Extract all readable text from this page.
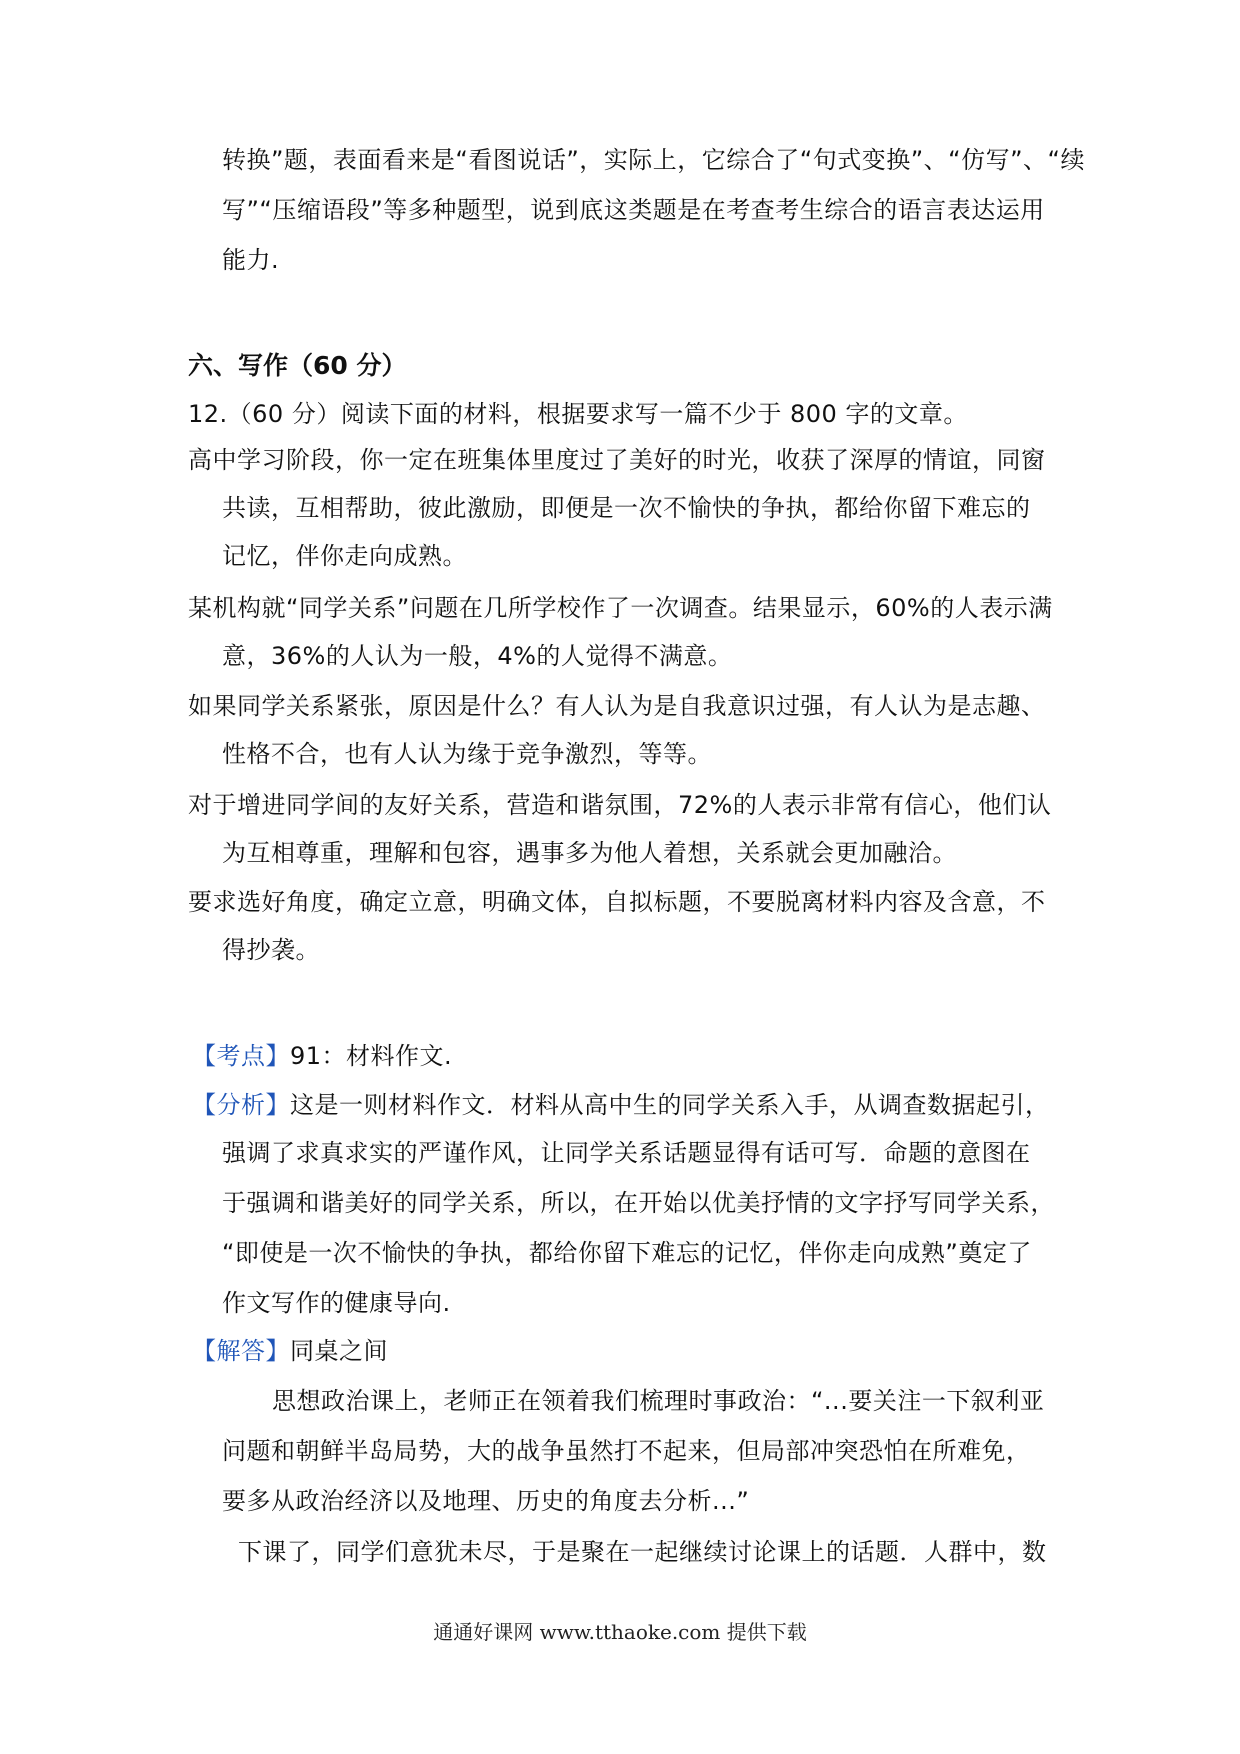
转换”题，表面看来是“看图说话”，实际上，它综合了“句式变换”、“仿写”、“续
写”“压缩语段”等多种题型，说到底这类题是在考查考生综合的语言表达运用
能力.
六、写作（60 分）
12.（60 分）阅读下面的材料，根据要求写一篇不少于 800 字的文章。
高中学习阶段，你一定在班集体里度过了美好的时光，收获了深厚的情谊，同窗
共读，互相帮助，彼此激励，即便是一次不愉快的争执，都给你留下难忘的
记忆，伴你走向成熟。
某机构就“同学关系”问题在几所学校作了一次调查。结果显示，60%的人表示满
意，36%的人认为一般，4%的人觉得不满意。
如果同学关系紧张，原因是什么？有人认为是自我意识过强，有人认为是志趣、
性格不合，也有人认为缘于竞争激烈，等等。
对于增进同学间的友好关系，营造和谐氛围，72%的人表示非常有信心，他们认
为互相尊重，理解和包容，遇事多为他人着想，关系就会更加融洽。
要求选好角度，确定立意，明确文体，自拟标题，不要脱离材料内容及含意，不
得抄袭。
【考点】91：材料作文.
【分析】这是一则材料作文．材料从高中生的同学关系入手，从调查数据起引，
强调了求真求实的严谨作风，让同学关系话题显得有话可写．命题的意图在
于强调和谐美好的同学关系，所以，在开始以优美抒情的文字抒写同学关系，
“即使是一次不愉快的争执，都给你留下难忘的记忆，伴你走向成熟”奠定了
作文写作的健康导向.
【解答】同桌之间
思想政治课上，老师正在领着我们梳理时事政治：“...要关注一下叙利亚
问题和朝鲜半岛局势，大的战争虽然打不起来，但局部冲突恐怕在所难免，
要多从政治经济以及地理、历史的角度去分析...”
下课了，同学们意犹未尽，于是聚在一起继续讨论课上的话题．人群中，数
通通好课网 www.tthaoke.com 提供下载
